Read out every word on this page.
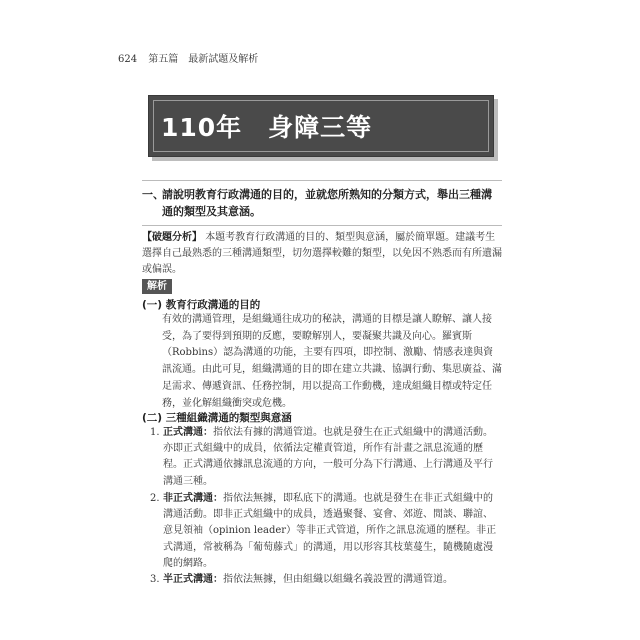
624 第五篇　最新試題及解析
110年　身障三等
一、
請說明教育行政溝通的目的，並就您所熟知的分類方式，舉出三種溝通的類型及其意涵。
【破題分析】 本題考教育行政溝通的目的、類型與意涵，屬於簡單題。建議考生選擇自己最熟悉的三種溝通類型，切勿選擇較難的類型，以免因不熟悉而有所遺漏或偏誤。
解析
(一) 教育行政溝通的目的
有效的溝通管理，是組織通往成功的秘訣，溝通的目標是讓人瞭解、讓人接受，為了要得到預期的反應，要瞭解別人，要凝聚共識及向心。羅賓斯（Robbins）認為溝通的功能，主要有四項，即控制、激勵、情感表達與資訊流通。由此可見，組織溝通的目的即在建立共識、協調行動、集思廣益、滿足需求、傳遞資訊、任務控制，用以提高工作動機，達成組織目標或特定任務，並化解組織衝突或危機。
(二) 三種組織溝通的類型與意涵
1. 正式溝通：指依法有據的溝通管道。也就是發生在正式組織中的溝通活動。亦即正式組織中的成員，依循法定權責管道，所作有計畫之訊息流通的歷程。正式溝通依據訊息流通的方向，一般可分為下行溝通、上行溝通及平行溝通三種。
2. 非正式溝通：指依法無據，即私底下的溝通。也就是發生在非正式組織中的溝通活動。即非正式組織中的成員，透過聚餐、宴會、郊遊、閒談、聯誼、意見領袖（opinion leader）等非正式管道，所作之訊息流通的歷程。非正式溝通，常被稱為「葡萄藤式」的溝通，用以形容其枝葉蔓生，隨機隨處漫爬的網路。
3. 半正式溝通：指依法無據，但由組織以組織名義設置的溝通管道。
